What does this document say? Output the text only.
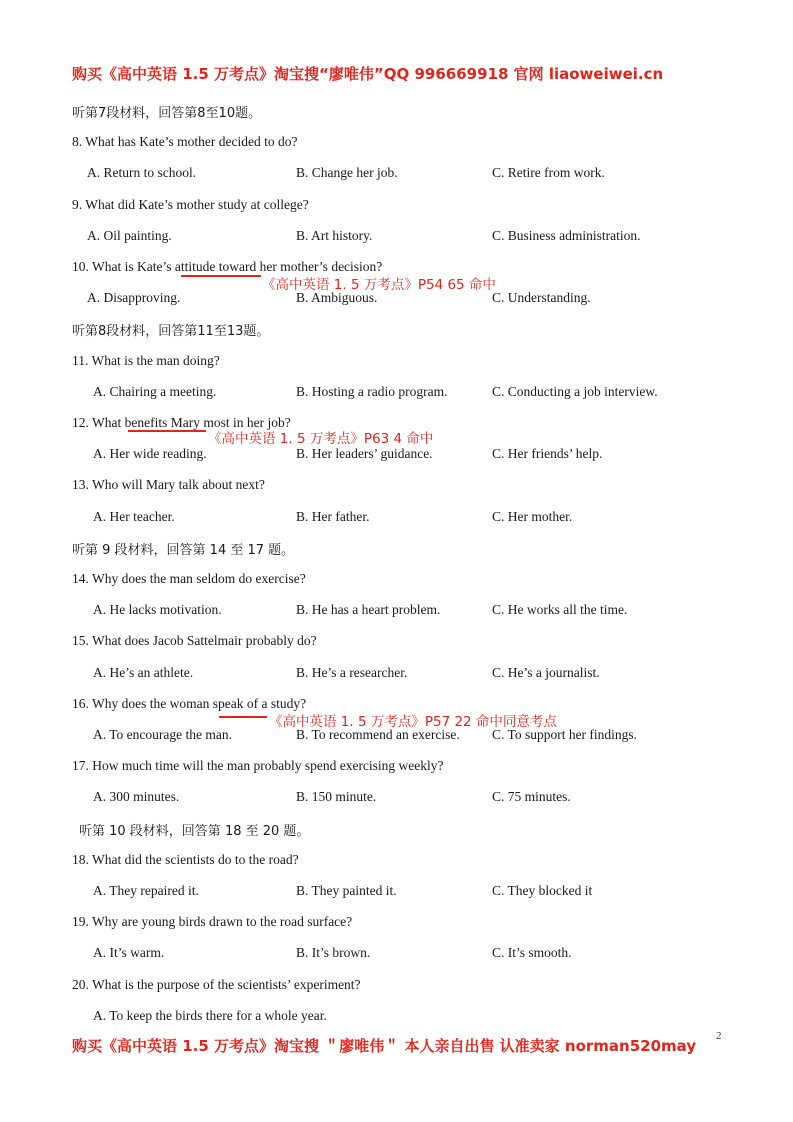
购买《高中英语 1.5 万考点》淘宝搜“廖唯伟”QQ 996669918 官网 liaoweiwei.cn
听第7段材料，回答第8至10题。
8. What has Kate’s mother decided to do?
A. Return to school.	B. Change her job.	C. Retire from work.
9. What did Kate’s mother study at college?
A. Oil painting.	B. Art history.	C. Business administration.
10. What is Kate’s attitude toward her mother’s decision?
《高中英语 1. 5 万考点》P54 65 命中
A. Disapproving.	B. Ambiguous.	C. Understanding.
听第8段材料，回答第11至13题。
11. What is the man doing?
A. Chairing a meeting.	B. Hosting a radio program.	C. Conducting a job interview.
12. What benefits Mary most in her job?
《高中英语 1. 5 万考点》P63 4 命中
A. Her wide reading.	B. Her leaders’ guidance.	C. Her friends’ help.
13. Who will Mary talk about next?
A. Her teacher.	B. Her father.	C. Her mother.
听第 9 段材料，回答第 14 至 17 题。
14. Why does the man seldom do exercise?
A. He lacks motivation.	B. He has a heart problem.	C. He works all the time.
15. What does Jacob Sattelmair probably do?
A. He’s an athlete.	B. He’s a researcher.	C. He’s a journalist.
16. Why does the woman speak of a study?
《高中英语 1. 5 万考点》P57 22 命中同意考点
A. To encourage the man.	B. To recommend an exercise. C. To support her findings.
17. How much time will the man probably spend exercising weekly?
A. 300 minutes.	B. 150 minute.	C. 75 minutes.
听第 10 段材料，回答第 18 至 20 题。
18. What did the scientists do to the road?
A. They repaired it.	B. They painted it.	C. They blocked it
19. Why are young birds drawn to the road surface?
A. It’s warm.	B. It’s brown.	C. It’s smooth.
20. What is the purpose of the scientists’ experiment?
A. To keep the birds there for a whole year.
2
购买《高中英语 1.5 万考点》淘宝搜 ＂廖唯伟＂ 本人亲自出售 认准卖家 norman520may
